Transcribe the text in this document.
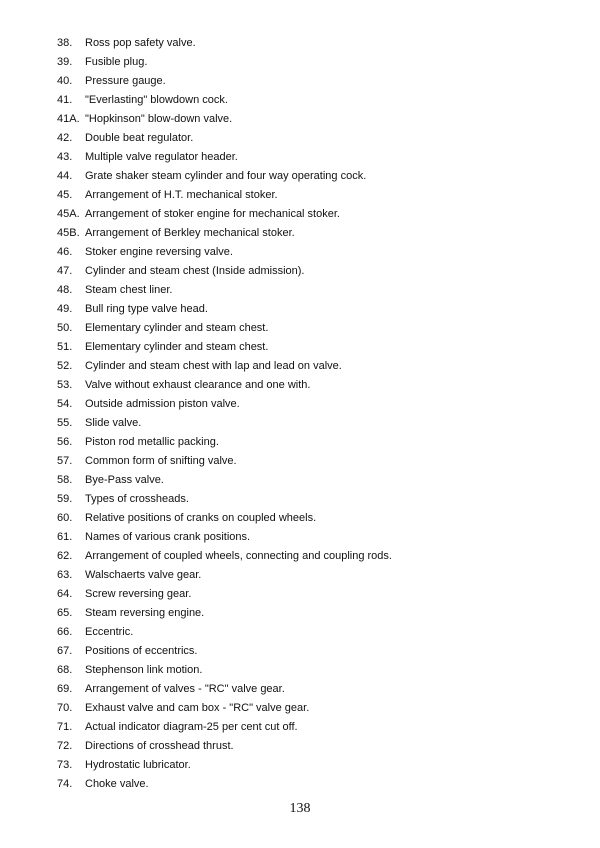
38.	Ross pop safety valve.
39.	Fusible plug.
40.	Pressure gauge.
41.	"Everlasting" blowdown cock.
41A. "Hopkinson" blow-down valve.
42.	Double beat regulator.
43.	Multiple valve regulator header.
44.	Grate shaker steam cylinder and four way operating cock.
45.	Arrangement of H.T. mechanical stoker.
45A. Arrangement of stoker engine for mechanical stoker.
45B. Arrangement of Berkley mechanical stoker.
46.	Stoker engine reversing valve.
47.	Cylinder and steam chest (Inside admission).
48.	Steam chest liner.
49.	Bull ring type valve head.
50.	Elementary cylinder and steam chest.
51.	Elementary cylinder and steam chest.
52.	Cylinder and steam chest with lap and lead on valve.
53.	Valve without exhaust clearance and one with.
54.	Outside admission piston valve.
55.	Slide valve.
56.	Piston rod metallic packing.
57.	Common form of snifting valve.
58.	Bye-Pass valve.
59.	Types of crossheads.
60.	Relative positions of cranks on coupled wheels.
61.	Names of various crank positions.
62.	Arrangement of coupled wheels, connecting and coupling rods.
63.	Walschaerts valve gear.
64.	Screw reversing gear.
65.	Steam reversing engine.
66.	Eccentric.
67.	Positions of eccentrics.
68.	Stephenson link motion.
69.	Arrangement of valves - "RC" valve gear.
70.	Exhaust valve and cam box - "RC" valve gear.
71.	Actual indicator diagram-25 per cent cut off.
72.	Directions of crosshead thrust.
73.	Hydrostatic lubricator.
74.	Choke valve.
138
